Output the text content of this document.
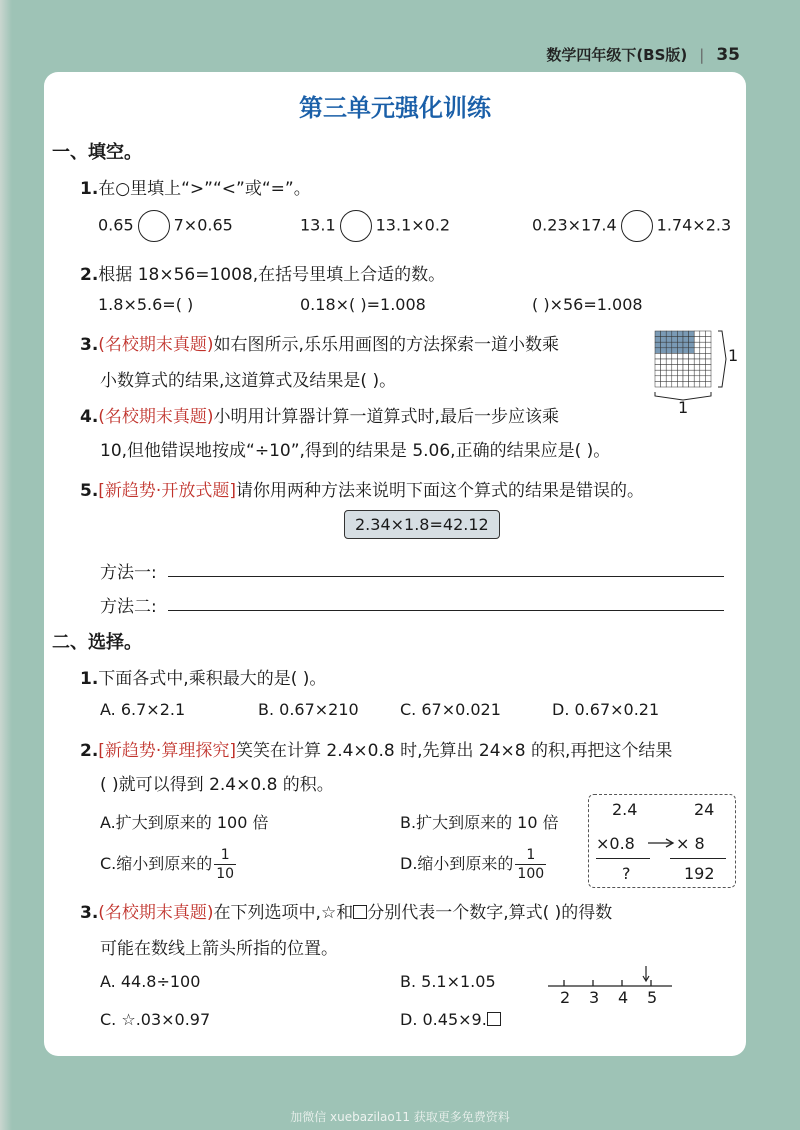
数学四年级下(BS版) | 35
第三单元强化训练
一、填空。
1.在○里填上“>”“<”或“=”。
0.65	7×0.65	13.1	13.1×0.2	0.23×17.4	1.74×2.3
2.根据 18×56=1008,在括号里填上合适的数。
1.8×5.6=( )	0.18×( )=1.008	( )×56=1.008
3.(名校期末真题)如右图所示,乐乐用画图的方法探索一道小数乘
小数算式的结果,这道算式及结果是( )。
1
1
4.(名校期末真题)小明用计算器计算一道算式时,最后一步应该乘
10,但他错误地按成“÷10”,得到的结果是 5.06,正确的结果应是( )。
5.[新趋势·开放式题]请你用两种方法来说明下面这个算式的结果是错误的。
2.34×1.8=42.12
方法一:
方法二:
二、选择。
1.下面各式中,乘积最大的是( )。
A. 6.7×2.1	B. 0.67×210	C. 67×0.021	D. 0.67×0.21
2.[新趋势·算理探究]笑笑在计算 2.4×0.8 时,先算出 24×8 的积,再把这个结果
( )就可以得到 2.4×0.8 的积。
A.扩大到原来的 100 倍	B.扩大到原来的 10 倍
C.缩小到原来的 $\frac{1}{10}$	D.缩小到原来的 $\frac{1}{100}$
2.4	24
×0.8	× 8
?	192
3.(名校期末真题)在下列选项中,☆和 分别代表一个数字,算式( )的得数
可能在数线上箭头所指的位置。
A. 44.8÷100	B. 5.1×1.05
C. ☆.03×0.97	D. 0.45×9.
2 3 4 5
加微信 xuebazilao11 获取更多免费资料
